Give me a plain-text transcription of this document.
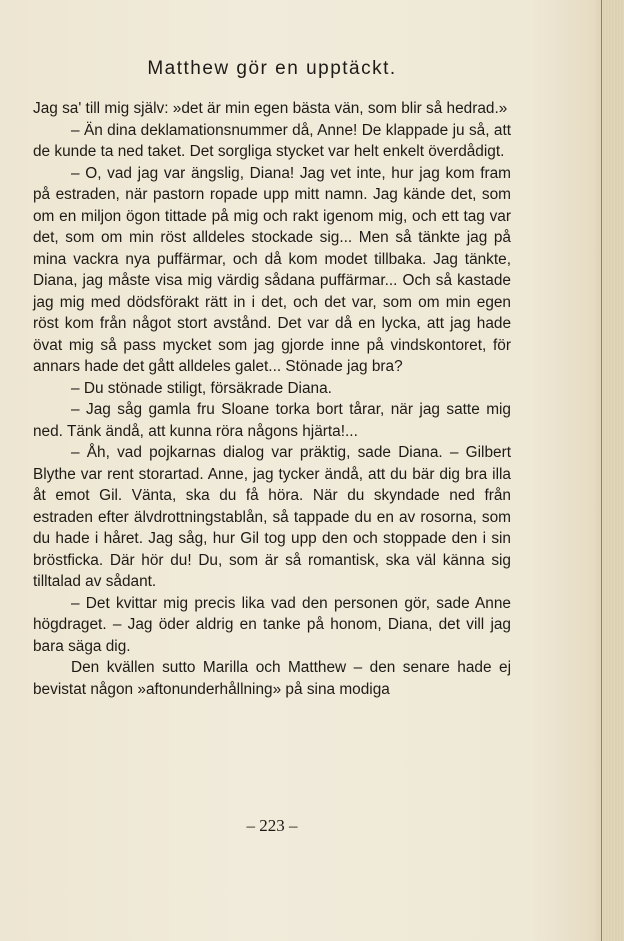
Matthew gör en upptäckt.

Jag sa' till mig själv: »det är min egen bästa vän, som blir så hedrad.»

– Än dina deklamationsnummer då, Anne! De klappade ju så, att de kunde ta ned taket. Det sorgliga stycket var helt enkelt överdådigt.

– O, vad jag var ängslig, Diana! Jag vet inte, hur jag kom fram på estraden, när pastorn ropade upp mitt namn. Jag kände det, som om en miljon ögon tittade på mig och rakt igenom mig, och ett tag var det, som om min röst alldeles stockade sig... Men så tänkte jag på mina vackra nya puffärmar, och då kom modet tillbaka. Jag tänkte, Diana, jag måste visa mig värdig sådana puffärmar... Och så kastade jag mig med dödsförakt rätt in i det, och det var, som om min egen röst kom från något stort avstånd. Det var då en lycka, att jag hade övat mig så pass mycket som jag gjorde inne på vindskontoret, för annars hade det gått alldeles galet... Stönade jag bra?

– Du stönade stiligt, försäkrade Diana.

– Jag såg gamla fru Sloane torka bort tårar, när jag satte mig ned. Tänk ändå, att kunna röra någons hjärta!...

– Åh, vad pojkarnas dialog var präktig, sade Diana. – Gilbert Blythe var rent storartad. Anne, jag tycker ändå, att du bär dig bra illa åt emot Gil. Vänta, ska du få höra. När du skyndade ned från estraden efter älvdrottningstablån, så tappade du en av rosorna, som du hade i håret. Jag såg, hur Gil tog upp den och stoppade den i sin bröstficka. Där hör du! Du, som är så romantisk, ska väl känna sig tilltalad av sådant.

– Det kvittar mig precis lika vad den personen gör, sade Anne högdraget. – Jag öder aldrig en tanke på honom, Diana, det vill jag bara säga dig.

Den kvällen sutto Marilla och Matthew – den senare hade ej bevistat någon »aftonunderhållning» på sina modiga

– 223 –
